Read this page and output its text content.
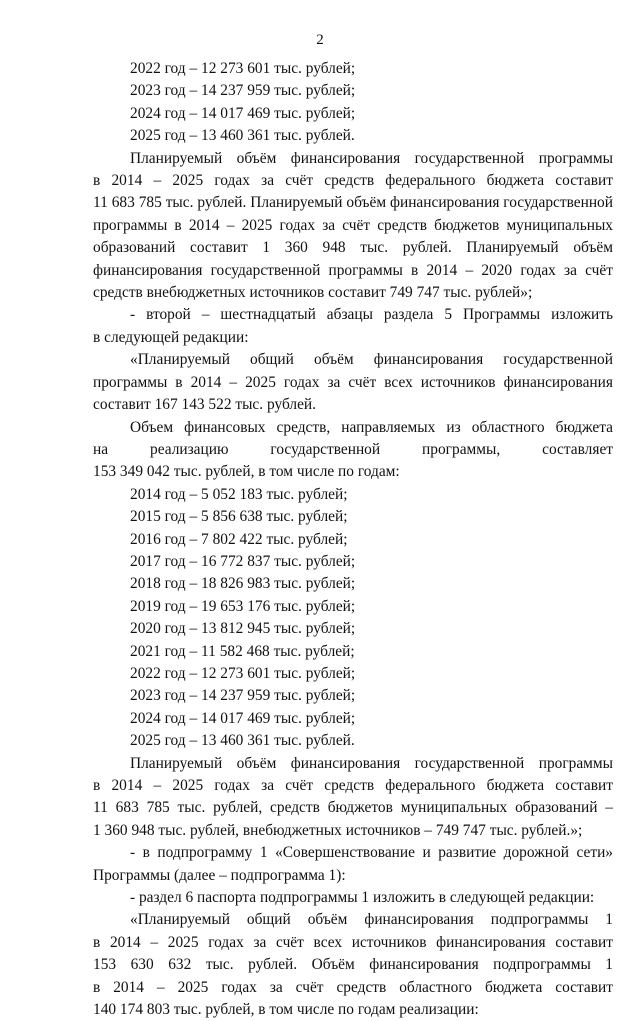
2
2022 год – 12 273 601 тыс. рублей;
2023 год – 14 237 959 тыс. рублей;
2024 год – 14 017 469 тыс. рублей;
2025 год – 13 460 361 тыс. рублей.
Планируемый объём финансирования государственной программы
в 2014 – 2025 годах за счёт средств федерального бюджета составит
11 683 785 тыс. рублей. Планируемый объём финансирования государственной
программы в 2014 – 2025 годах за счёт средств бюджетов муниципальных
образований составит 1 360 948 тыс. рублей. Планируемый объём
финансирования государственной программы в 2014 – 2020 годах за счёт
средств внебюджетных источников составит 749 747 тыс. рублей»;
- второй – шестнадцатый абзацы раздела 5 Программы изложить
в следующей редакции:
«Планируемый общий объём финансирования государственной
программы в 2014 – 2025 годах за счёт всех источников финансирования
составит 167 143 522 тыс. рублей.
Объем финансовых средств, направляемых из областного бюджета
на реализацию государственной программы, составляет
153 349 042 тыс. рублей, в том числе по годам:
2014 год – 5 052 183 тыс. рублей;
2015 год – 5 856 638 тыс. рублей;
2016 год – 7 802 422 тыс. рублей;
2017 год – 16 772 837 тыс. рублей;
2018 год – 18 826 983 тыс. рублей;
2019 год – 19 653 176 тыс. рублей;
2020 год – 13 812 945 тыс. рублей;
2021 год – 11 582 468 тыс. рублей;
2022 год – 12 273 601 тыс. рублей;
2023 год – 14 237 959 тыс. рублей;
2024 год – 14 017 469 тыс. рублей;
2025 год – 13 460 361 тыс. рублей.
Планируемый объём финансирования государственной программы
в 2014 – 2025 годах за счёт средств федерального бюджета составит
11 683 785 тыс. рублей, средств бюджетов муниципальных образований –
1 360 948 тыс. рублей, внебюджетных источников – 749 747 тыс. рублей.»;
- в подпрограмму 1 «Совершенствование и развитие дорожной сети»
Программы (далее – подпрограмма 1):
- раздел 6 паспорта подпрограммы 1 изложить в следующей редакции:
«Планируемый общий объём финансирования подпрограммы 1
в 2014 – 2025 годах за счёт всех источников финансирования составит
153 630 632 тыс. рублей. Объём финансирования подпрограммы 1
в 2014 – 2025 годах за счёт средств областного бюджета составит
140 174 803 тыс. рублей, в том числе по годам реализации:
